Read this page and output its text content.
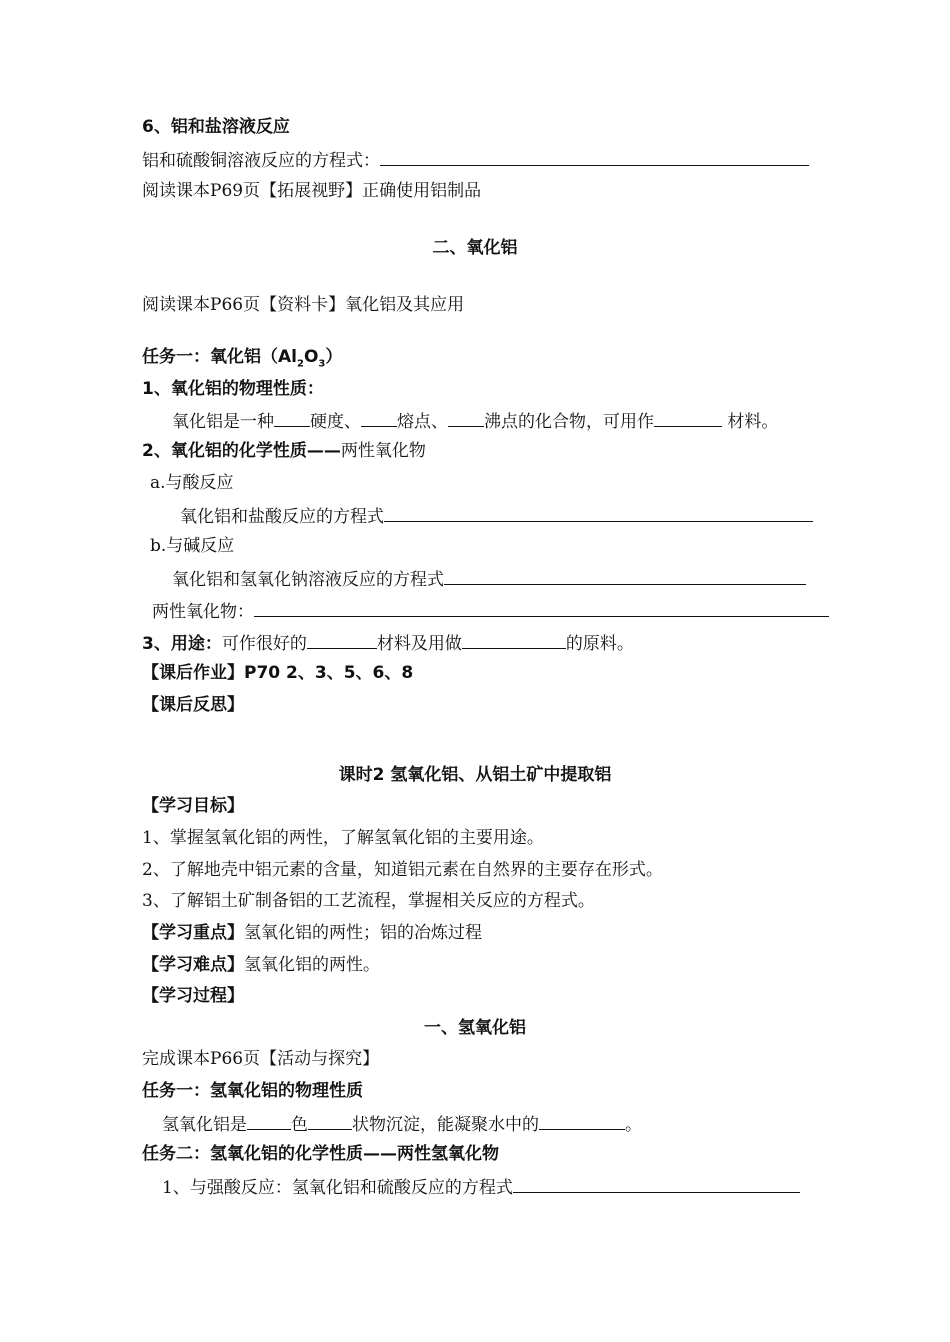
6、铝和盐溶液反应
铝和硫酸铜溶液反应的方程式：
阅读课本P69页【拓展视野】正确使用铝制品
二、氧化铝
阅读课本P66页【资料卡】氧化铝及其应用
任务一：氧化铝$(Al_2O_3)$
1、氧化铝的物理性质：
氧化铝是一种 硬度、 熔点、 沸点的化合物，可用作	材料。
2、氧化铝的化学性质——两性氧化物
a.与酸反应
氧化铝和盐酸反应的方程式
b.与碱反应
氧化铝和氢氧化钠溶液反应的方程式
两性氧化物：
3、用途：可作很好的	材料及用做	的原料。
【课后作业】P70 2、3、5、6、8
【课后反思】
课时2 氢氧化铝、从铝土矿中提取铝
【学习目标】
1、掌握氢氧化铝的两性，了解氢氧化铝的主要用途。
2、了解地壳中铝元素的含量，知道铝元素在自然界的主要存在形式。
3、了解铝土矿制备铝的工艺流程，掌握相关反应的方程式。
【学习重点】氢氧化铝的两性；铝的冶炼过程
【学习难点】氢氧化铝的两性。
【学习过程】
一、氢氧化铝
完成课本P66页【活动与探究】
任务一：氢氧化铝的物理性质
氢氧化铝是	色	状物沉淀，能凝聚水中的	。
任务二：氢氧化铝的化学性质——两性氢氧化物
1、与强酸反应：氢氧化铝和硫酸反应的方程式
